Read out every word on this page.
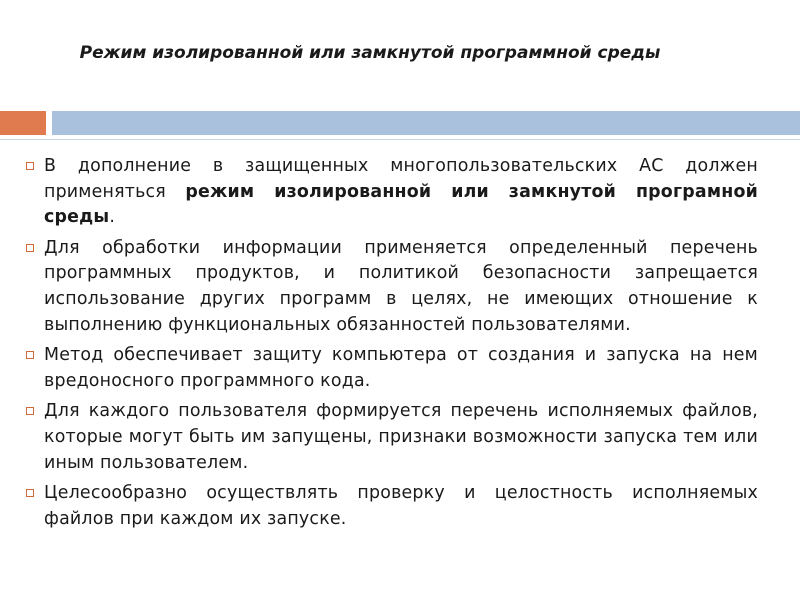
Режим изолированной или замкнутой программной среды
В дополнение в защищенных многопользовательских АС должен применяться режим изолированной или замкнутой програмной среды.
Для обработки информации применяется определенный перечень программных продуктов, и политикой безопасности запрещается использование других программ в целях, не имеющих отношение к выполнению функциональных обязанностей пользователями.
Метод обеспечивает защиту компьютера от создания и запуска на нем вредоносного программного кода.
Для каждого пользователя формируется перечень исполняемых файлов, которые могут быть им запущены, признаки возможности запуска тем или иным пользователем.
Целесообразно осуществлять проверку и целостность исполняемых файлов при каждом их запуске.
